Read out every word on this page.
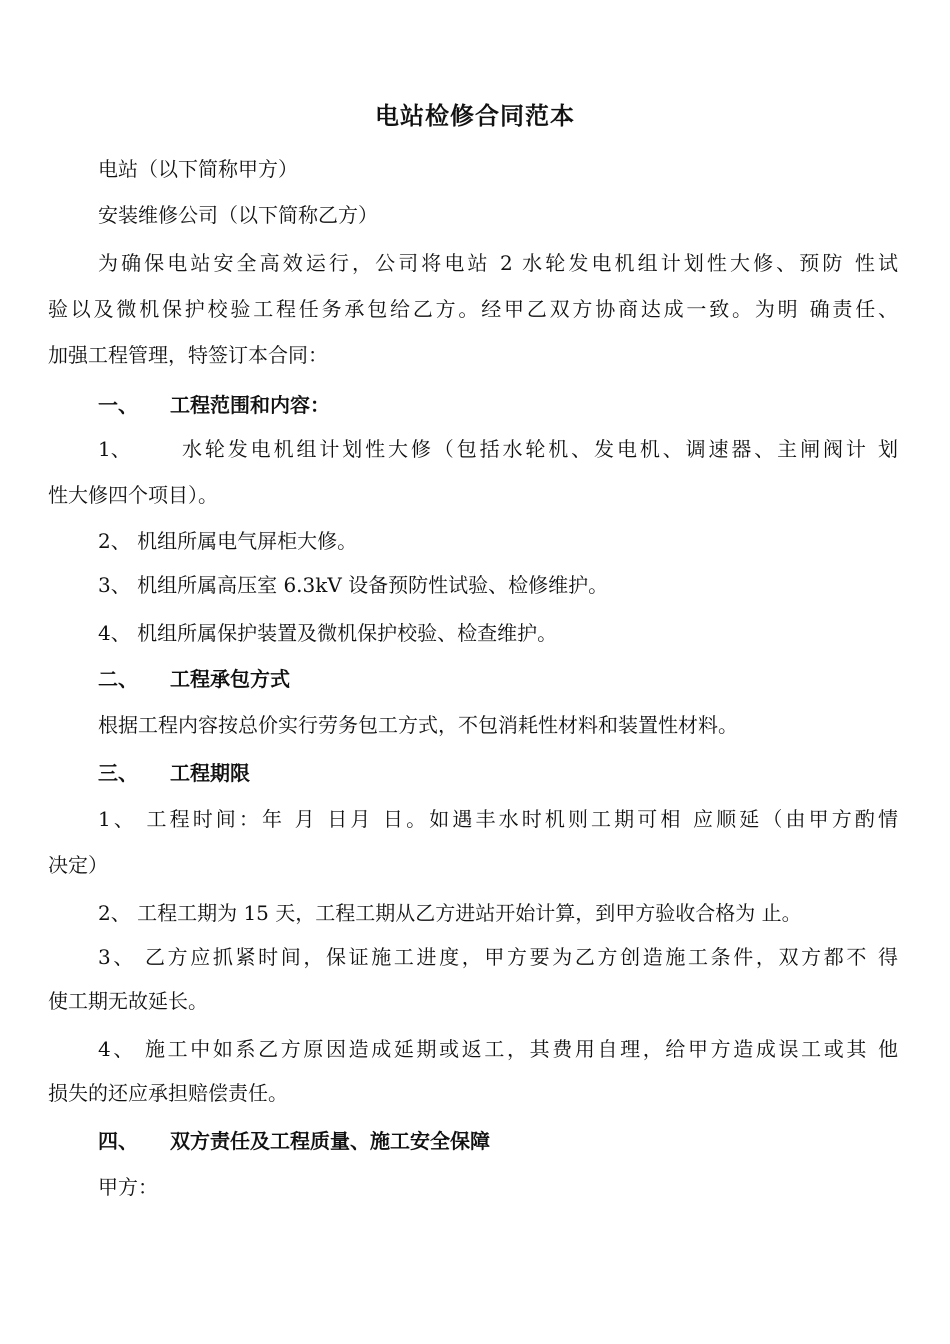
电站检修合同范本
电站（以下简称甲方）
安装维修公司（以下简称乙方）
为确保电站安全高效运行，公司将电站 2 水轮发电机组计划性大修、预防 性试
验以及微机保护校验工程任务承包给乙方。经甲乙双方协商达成一致。为明 确责任、
加强工程管理，特签订本合同：
一、 工程范围和内容：
1、	水轮发电机组计划性大修（包括水轮机、发电机、调速器、主闸阀计 划
性大修四个项目）。
2、 机组所属电气屏柜大修。
3、 机组所属高压室 6.3kV 设备预防性试验、检修维护。
4、 机组所属保护装置及微机保护校验、检查维护。
二、 工程承包方式
根据工程内容按总价实行劳务包工方式，不包消耗性材料和装置性材料。
三、 工程期限
1、 工程时间：年 月 日月 日。如遇丰水时机则工期可相 应顺延（由甲方酌情
决定）
2、 工程工期为 15 天，工程工期从乙方进站开始计算，到甲方验收合格为 止。
3、 乙方应抓紧时间，保证施工进度，甲方要为乙方创造施工条件，双方都不 得
使工期无故延长。
4、 施工中如系乙方原因造成延期或返工，其费用自理，给甲方造成误工或其 他
损失的还应承担赔偿责任。
四、 双方责任及工程质量、施工安全保障
甲方：
